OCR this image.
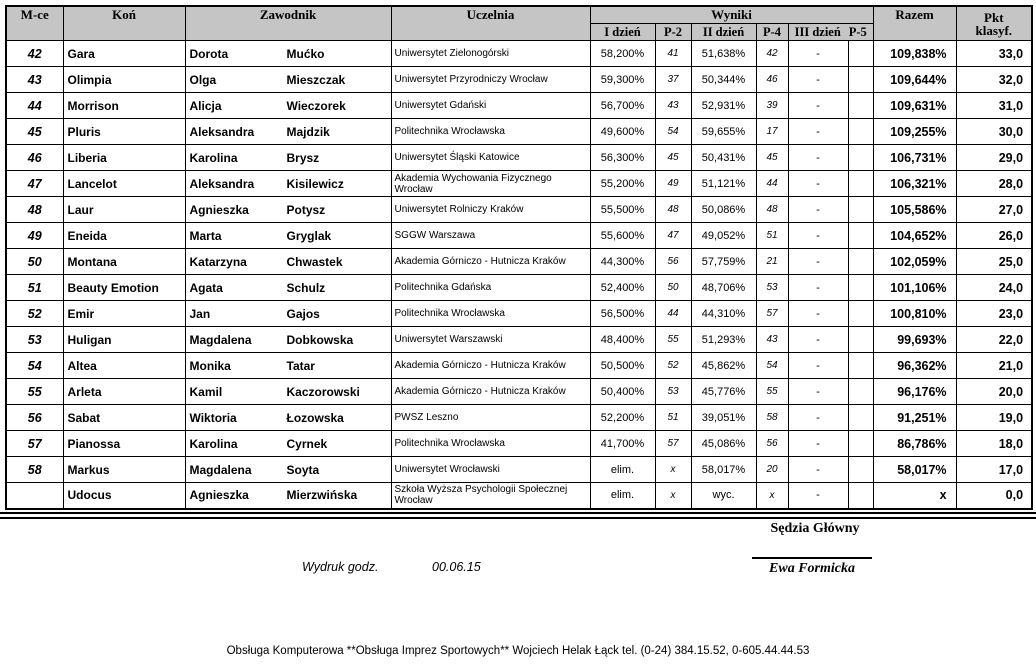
M-ce	Koń	Zawodnik	Uczelnia	Wyniki						Razem	Pkt
klasyf.
				I dzień	P-2	II dzień	P-4	III dzień P-5			

42	Gara	Dorota Mućko	Uniwersytet Zielonogórski	58,200%	41	51,638%	42	-		109,838%	33,0
43	Olimpia	Olga Mieszczak	Uniwersytet Przyrodniczy Wrocław	59,300%	37	50,344%	46	-		109,644%	32,0
44	Morrison	Alicja Wieczorek	Uniwersytet Gdański	56,700%	43	52,931%	39	-		109,631%	31,0
45	Pluris	Aleksandra Majdzik	Politechnika Wrocławska	49,600%	54	59,655%	17	-		109,255%	30,0
46	Liberia	Karolina Brysz	Uniwersytet Śląski Katowice	56,300%	45	50,431%	45	-		106,731%	29,0
47	Lancelot	Aleksandra Kisilewicz	Akademia Wychowania Fizycznego Wrocław	55,200%	49	51,121%	44	-		106,321%	28,0
48	Laur	Agnieszka Potysz	Uniwersytet Rolniczy Kraków	55,500%	48	50,086%	48	-		105,586%	27,0
49	Eneida	Marta Gryglak	SGGW Warszawa	55,600%	47	49,052%	51	-		104,652%	26,0
50	Montana	Katarzyna Chwastek	Akademia Górniczo - Hutnicza Kraków	44,300%	56	57,759%	21	-		102,059%	25,0
51	Beauty Emotion	Agata Schulz	Politechnika Gdańska	52,400%	50	48,706%	53	-		101,106%	24,0
52	Emir	Jan Gajos	Politechnika Wrocławska	56,500%	44	44,310%	57	-		100,810%	23,0
53	Huligan	Magdalena Dobkowska	Uniwersytet Warszawski	48,400%	55	51,293%	43	-		99,693%	22,0
54	Altea	Monika Tatar	Akademia Górniczo - Hutnicza Kraków	50,500%	52	45,862%	54	-		96,362%	21,0
55	Arleta	Kamil Kaczorowski	Akademia Górniczo - Hutnicza Kraków	50,400%	53	45,776%	55	-		96,176%	20,0
56	Sabat	Wiktoria Łozowska	PWSZ Leszno	52,200%	51	39,051%	58	-		91,251%	19,0
57	Pianossa	Karolina Cyrnek	Politechnika Wrocławska	41,700%	57	45,086%	56	-		86,786%	18,0
58	Markus	Magdalena Soyta	Uniwersytet Wrocławski	elim.	x	58,017%	20	-		58,017%	17,0
	Udocus	Agnieszka Mierzwińska	Szkoła Wyższa Psychologii Społecznej Wrocław	elim.	x	wyc.	x	-		x	0,0
Sędzia Główny
Wydruk godz.	00.06.15	Ewa Formicka
Obsługa Komputerowa **Obsługa Imprez Sportowych** Wojciech Helak Łąck tel. (0-24) 384.15.52, 0-605.44.44.53
